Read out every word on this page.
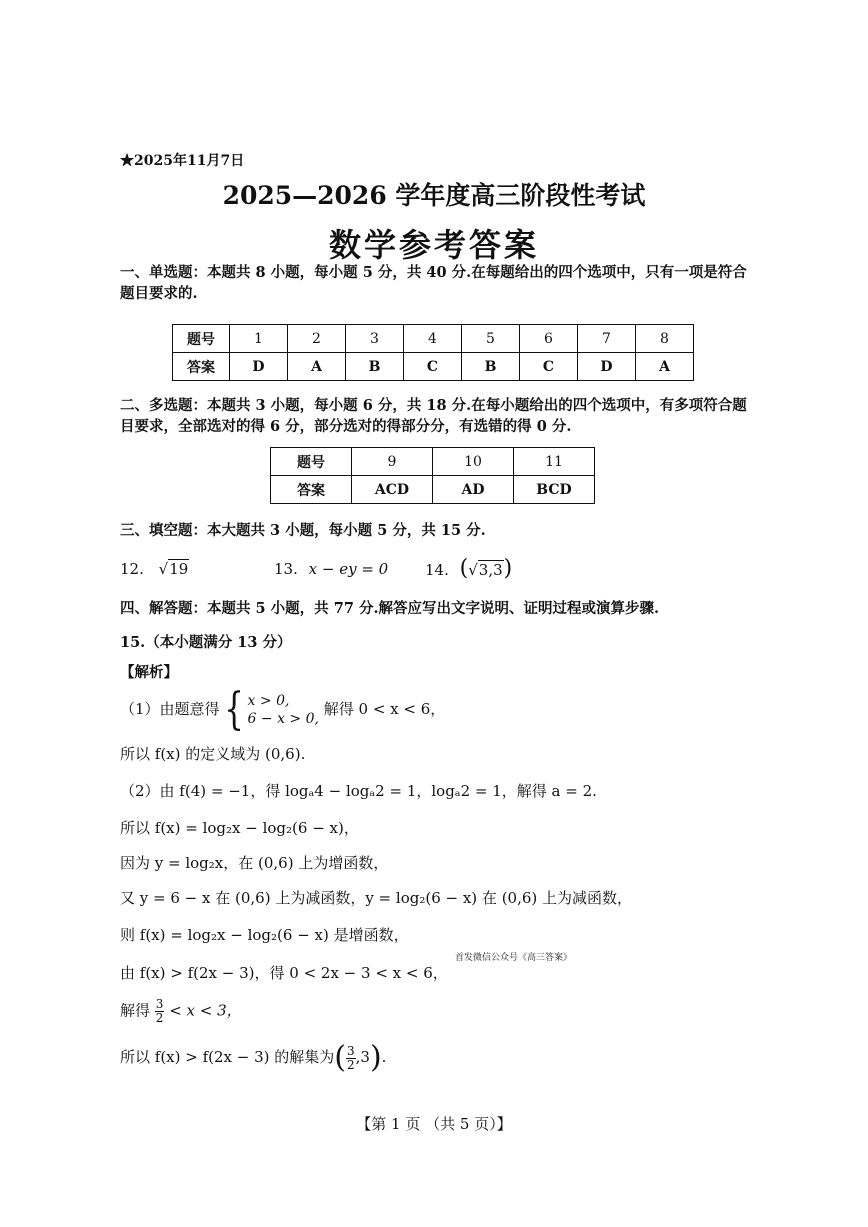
★2025年11月7日
2025—2026 学年度高三阶段性考试
数学参考答案
一、单选题：本题共 8 小题，每小题 5 分，共 40 分.在每题给出的四个选项中，只有一项是符合题目要求的.
题号	1	2	3	4	5	6	7	8
答案	D	A	B	C	B	C	D	A
二、多选题：本题共 3 小题，每小题 6 分，共 18 分.在每小题给出的四个选项中，有多项符合题目要求，全部选对的得 6 分，部分选对的得部分分，有选错的得 0 分.
题号	9	10	11
答案	ACD	AD	BCD
三、填空题：本大题共 3 小题，每小题 5 分，共 15 分.
12. √19	13. x − ey = 0 14. (√3,3)
四、解答题：本题共 5 小题，共 77 分.解答应写出文字说明、证明过程或演算步骤.
15.（本小题满分 13 分）
【解析】
（1）由题意得{ x > 0,
6 − x > 0,
解得 0 < x < 6，
所以 f(x) 的定义域为 (0,6).
（2）由 f(4) = −1，得 logₐ4 − logₐ2 = 1，logₐ2 = 1，解得 a = 2.
所以 f(x) = log₂x − log₂(6 − x)，
因为 y = log₂x，在 (0,6) 上为增函数，
又 y = 6 − x 在 (0,6) 上为减函数，y = log₂(6 − x) 在 (0,6) 上为减函数，
则 f(x) = log₂x − log₂(6 − x) 是增函数，
首发微信公众号《高三答案》
由 f(x) > f(2x − 3)，得 0 < 2x − 3 < x < 6，
解得 $\frac{3}{2} < x < 3$，
所以 f(x) > f(2x − 3) 的解集为( $\frac{3}{2} ,3$).
【第 1 页 （共 5 页）】
